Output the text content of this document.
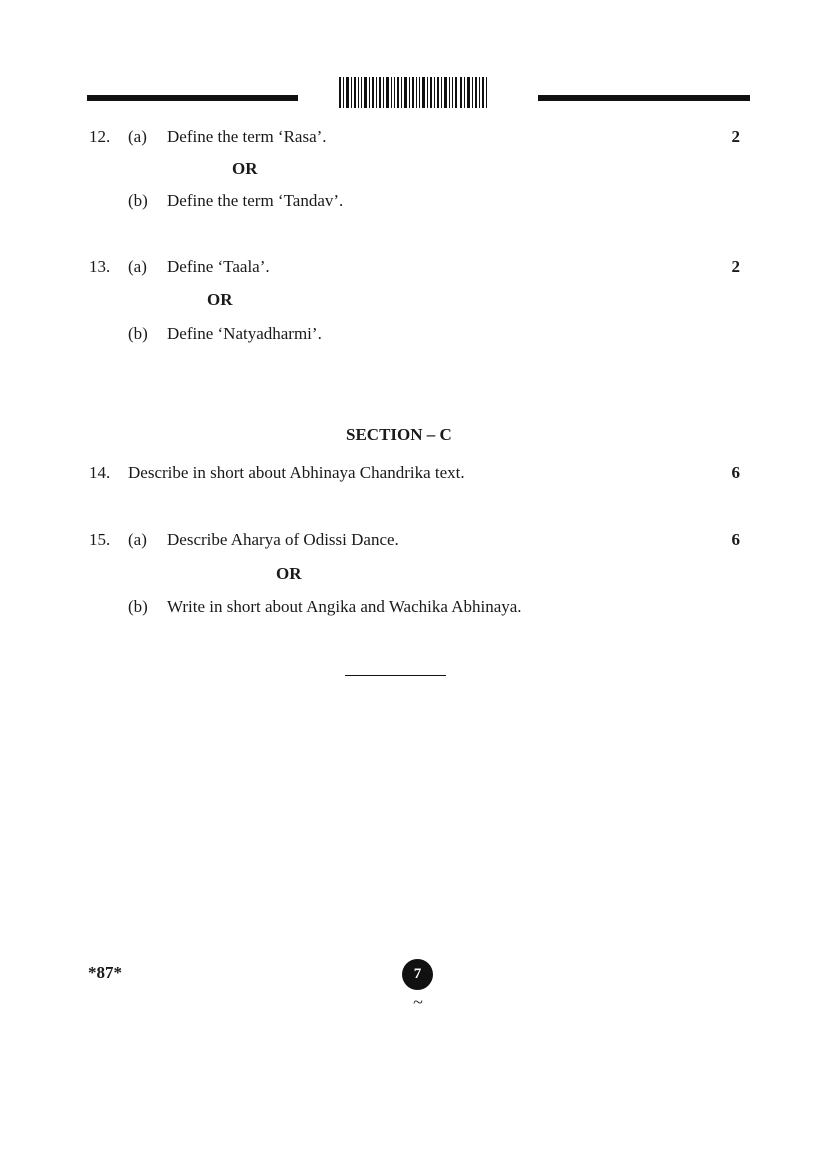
12. (a) Define the term ‘Rasa’.	2
OR
(b) Define the term ‘Tandav’.
13. (a) Define ‘Taala’.	2
OR
(b) Define ‘Natyadharmi’.
SECTION – C
14. Describe in short about Abhinaya Chandrika text.	6
15. (a) Describe Aharya of Odissi Dance.	6
OR
(b) Write in short about Angika and Wachika Abhinaya.
*87*	7
~
